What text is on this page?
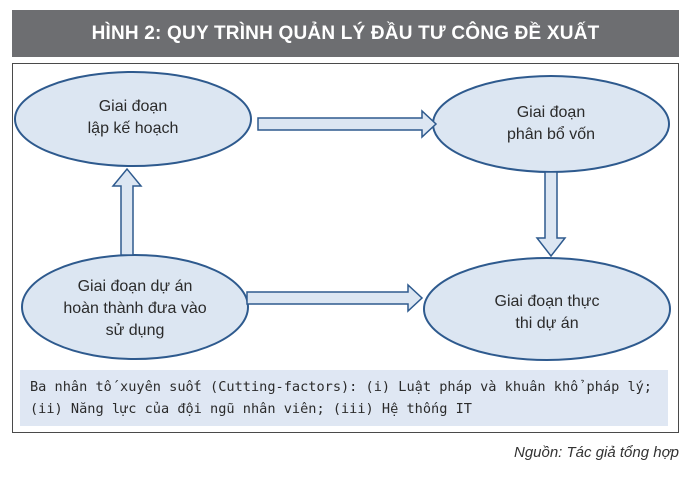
HÌNH 2: QUY TRÌNH QUẢN LÝ ĐẦU TƯ CÔNG ĐỀ XUẤT
Giai đoạn
lập kế hoạch
Giai đoạn
phân bổ vốn
Giai đoạn thực
thi dự án
Giai đoạn dự án
hoàn thành đưa vào
sử dụng
Ba nhân tố xuyên suốt (Cutting-factors): (i) Luật pháp và khuân khổ pháp lý;
(ii) Năng lực của đội ngũ nhân viên; (iii) Hệ thống IT
Nguồn: Tác giả tổng hợp
